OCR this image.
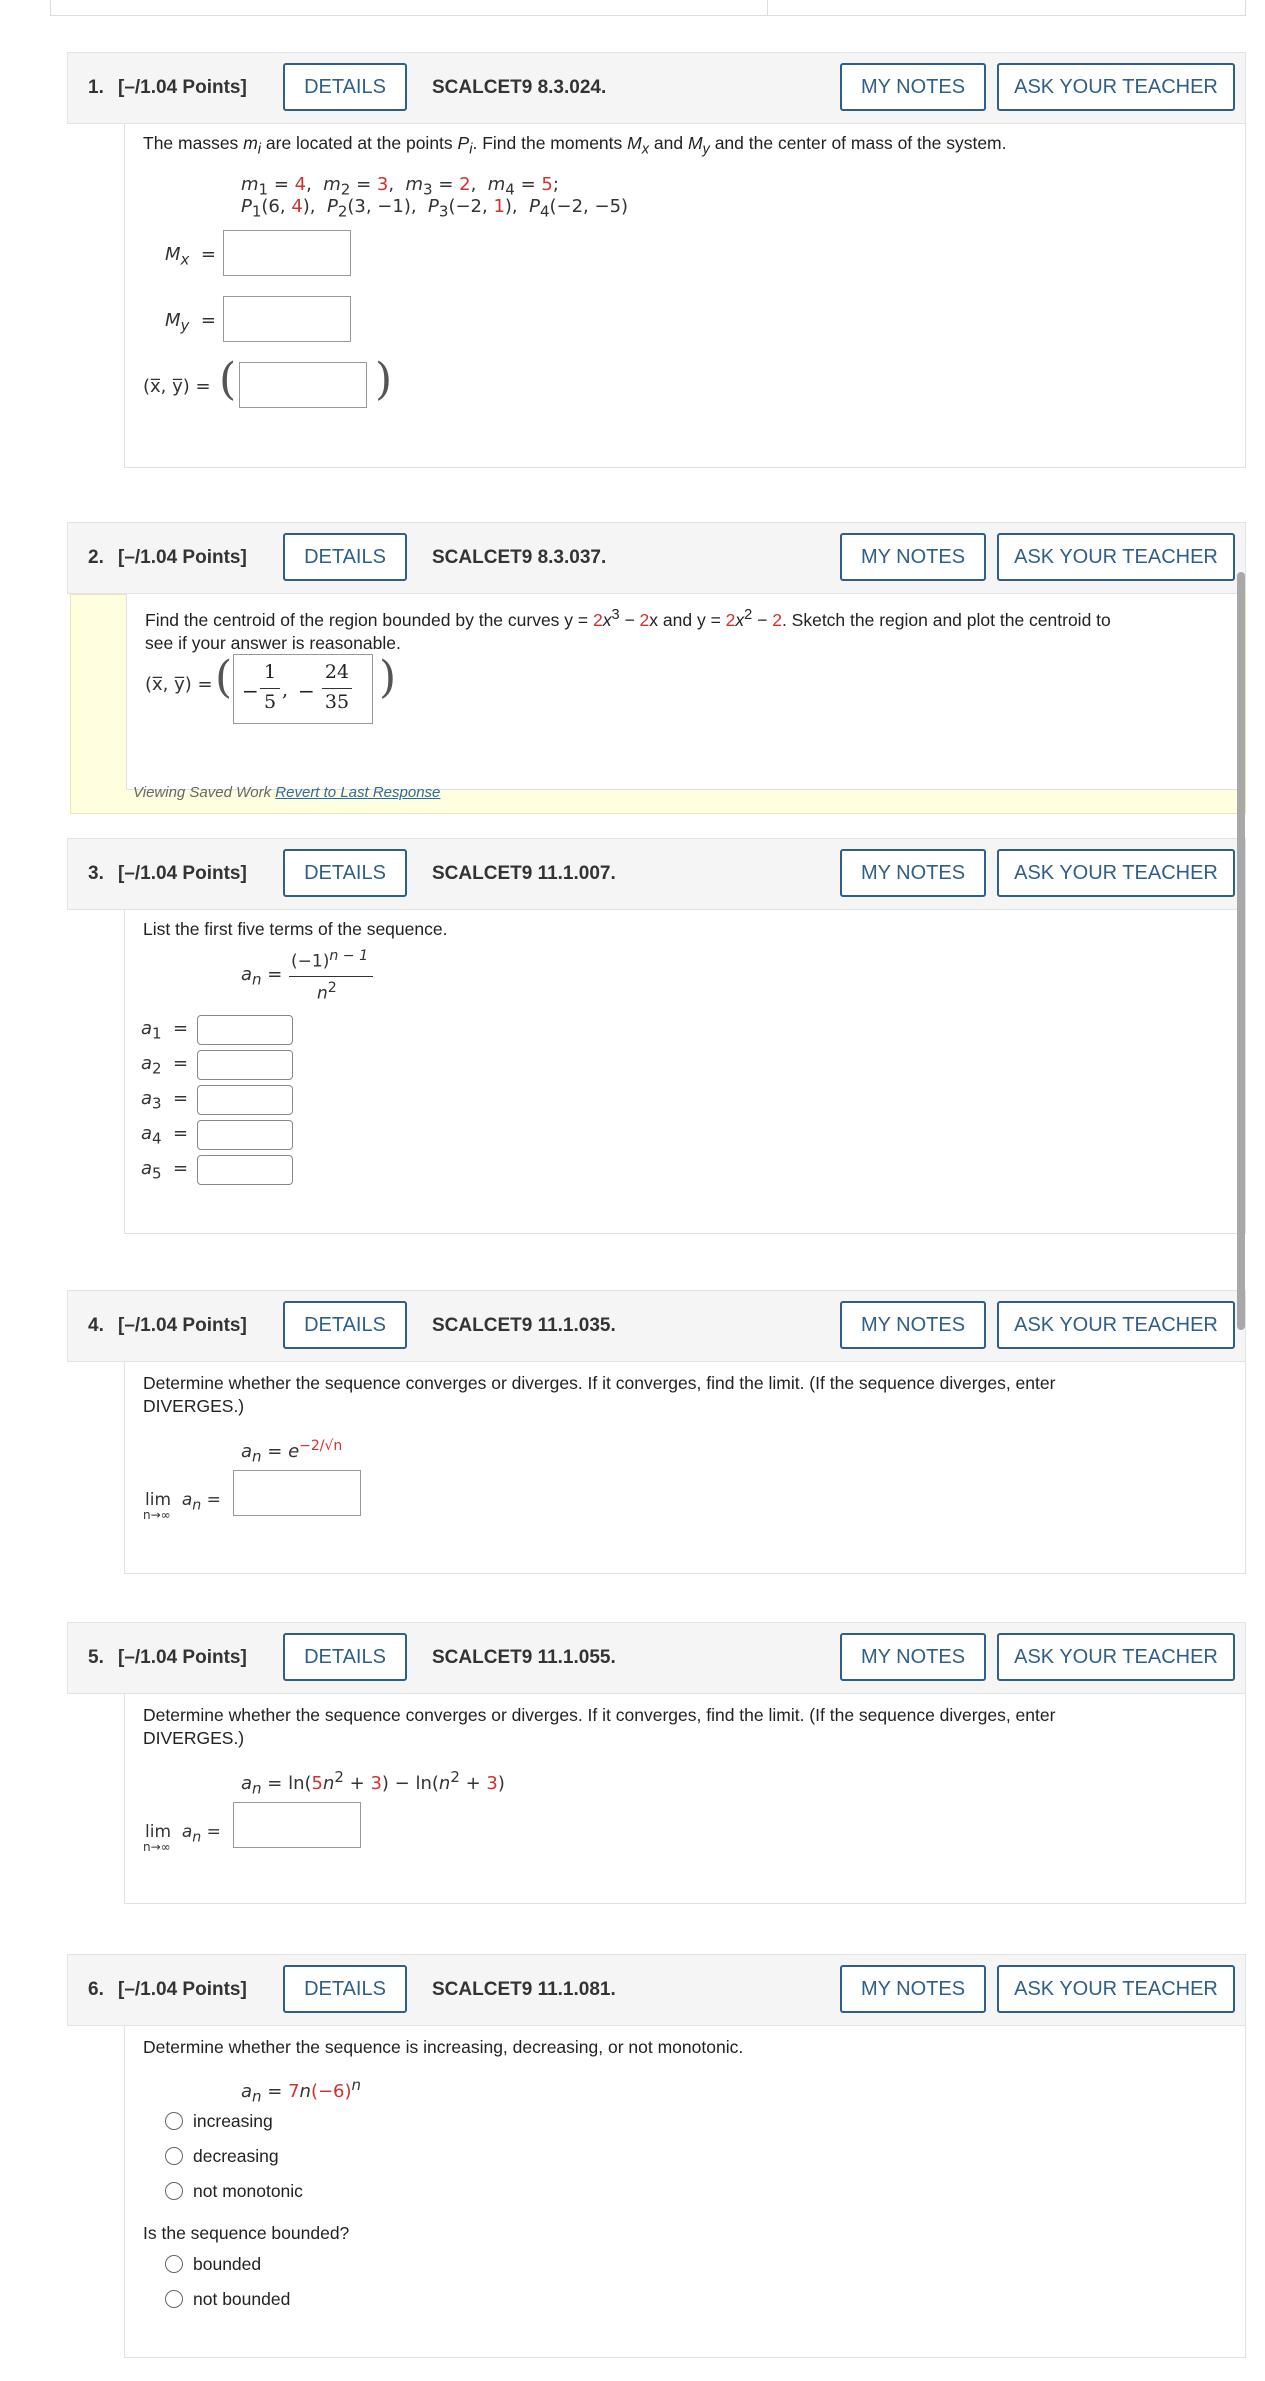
1. [–/1.04 Points]	DETAILS	SCALCET9 8.3.024.	MY NOTES	ASK YOUR TEACHER
The masses $m_i$ are located at the points $P_i$. Find the moments $M_x$ and $M_y$ and the center of mass of the system.
$m_1 = 4$,  $m_2 = 3$,  $m_3 = 2$,  $m_4 = 5$;
$P_1(6$, 4),  $P_2(3$, −1), $P_3(-2$, 1), $P_4(-2$, −5)
$M_x$  =
$M_y$  =
(x̅, y̅) = (	)
2. [–/1.04 Points]	DETAILS	SCALCET9 8.3.037.	MY NOTES	ASK YOUR TEACHER
Find the centroid of the region bounded by the curves $y = 2x^3 - 2x$ and $y = 2x^2 - 2$. Sketch the region and plot the centroid to
see if your answer is reasonable.
(x̅, y̅) = ( −
1
5
, −
24
35 )
Viewing Saved Work Revert to Last Response
3. [–/1.04 Points]	DETAILS	SCALCET9 11.1.007.	MY NOTES	ASK YOUR TEACHER
List the first five terms of the sequence.
$a_n$ =
$(-1)^{n - 1}$
$n^2$
$a_1$  =
$a_2$  =
$a_3$  =
$a_4$  =
$a_5$  =
4. [–/1.04 Points]	DETAILS	SCALCET9 11.1.035.	MY NOTES	ASK YOUR TEACHER
Determine whether the sequence converges or diverges. If it converges, find the limit. (If the sequence diverges, enter
DIVERGES.)
$a_n = e^{-2/√n}$
$\lim a_n$ =
n→∞
5. [–/1.04 Points]	DETAILS	SCALCET9 11.1.055.	MY NOTES	ASK YOUR TEACHER
Determine whether the sequence converges or diverges. If it converges, find the limit. (If the sequence diverges, enter
DIVERGES.)
$a_n = \ln(5n^2 + 3) - \ln(n^2 + 3)$
$\lim a_n$ =
n→∞
6. [–/1.04 Points]	DETAILS	SCALCET9 11.1.081.	MY NOTES	ASK YOUR TEACHER
Determine whether the sequence is increasing, decreasing, or not monotonic.
$a_n = 7n(-6)^n$
increasing
decreasing
not monotonic
Is the sequence bounded?
bounded
not bounded
